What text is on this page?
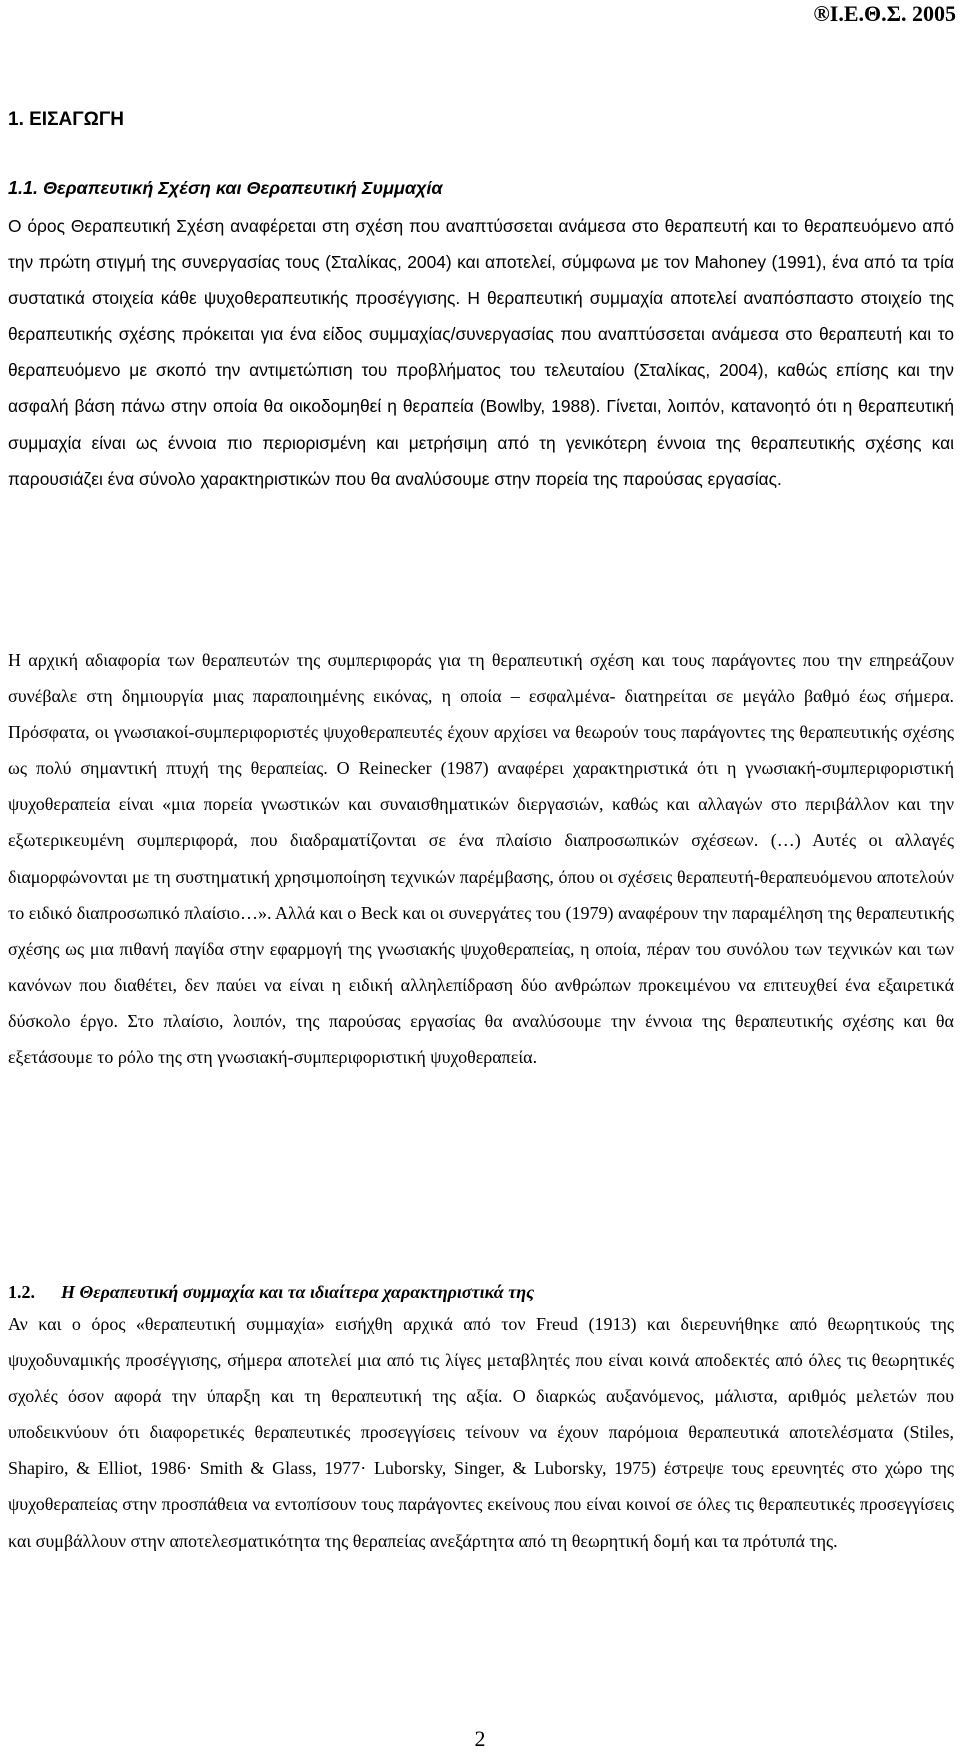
®Ι.Ε.Θ.Σ. 2005
1. ΕΙΣΑΓΩΓΗ
1.1. Θεραπευτική Σχέση και Θεραπευτική Συμμαχία

Ο όρος Θεραπευτική Σχέση αναφέρεται στη σχέση που αναπτύσσεται ανάμεσα στο θεραπευτή και το θεραπευόμενο από την πρώτη στιγμή της συνεργασίας τους (Σταλίκας, 2004) και αποτελεί, σύμφωνα με τον Mahoney (1991), ένα από τα τρία συστατικά στοιχεία κάθε ψυχοθεραπευτικής προσέγγισης. Η θεραπευτική συμμαχία αποτελεί αναπόσπαστο στοιχείο της θεραπευτικής σχέσης πρόκειται για ένα είδος συμμαχίας/συνεργασίας που αναπτύσσεται ανάμεσα στο θεραπευτή και το θεραπευόμενο με σκοπό την αντιμετώπιση του προβλήματος του τελευταίου (Σταλίκας, 2004), καθώς επίσης και την ασφαλή βάση πάνω στην οποία θα οικοδομηθεί η θεραπεία (Bowlby, 1988). Γίνεται, λοιπόν, κατανοητό ότι η θεραπευτική συμμαχία είναι ως έννοια πιο περιορισμένη και μετρήσιμη από τη γενικότερη έννοια της θεραπευτικής σχέσης και παρουσιάζει ένα σύνολο χαρακτηριστικών που θα αναλύσουμε στην πορεία της παρούσας εργασίας.

Η αρχική αδιαφορία των θεραπευτών της συμπεριφοράς για τη θεραπευτική σχέση και τους παράγοντες που την επηρεάζουν συνέβαλε στη δημιουργία μιας παραποιημένης εικόνας, η οποία – εσφαλμένα- διατηρείται σε μεγάλο βαθμό έως σήμερα. Πρόσφατα, οι γνωσιακοί-συμπεριφοριστές ψυχοθεραπευτές έχουν αρχίσει να θεωρούν τους παράγοντες της θεραπευτικής σχέσης ως πολύ σημαντική πτυχή της θεραπείας. Ο Reinecker (1987) αναφέρει χαρακτηριστικά ότι η γνωσιακή-συμπεριφοριστική ψυχοθεραπεία είναι «μια πορεία γνωστικών και συναισθηματικών διεργασιών, καθώς και αλλαγών στο περιβάλλον και την εξωτερικευμένη συμπεριφορά, που διαδραματίζονται σε ένα πλαίσιο διαπροσωπικών σχέσεων. (…) Αυτές οι αλλαγές διαμορφώνονται με τη συστηματική χρησιμοποίηση τεχνικών παρέμβασης, όπου οι σχέσεις θεραπευτή-θεραπευόμενου αποτελούν το ειδικό διαπροσωπικό πλαίσιο…». Αλλά και ο Beck και οι συνεργάτες του (1979) αναφέρουν την παραμέληση της θεραπευτικής σχέσης ως μια πιθανή παγίδα στην εφαρμογή της γνωσιακής ψυχοθεραπείας, η οποία, πέραν του συνόλου των τεχνικών και των κανόνων που διαθέτει, δεν παύει να είναι η ειδική αλληλεπίδραση δύο ανθρώπων προκειμένου να επιτευχθεί ένα εξαιρετικά δύσκολο έργο. Στο πλαίσιο, λοιπόν, της παρούσας εργασίας θα αναλύσουμε την έννοια της θεραπευτικής σχέσης και θα εξετάσουμε το ρόλο της στη γνωσιακή-συμπεριφοριστική ψυχοθεραπεία.

1.2. Η Θεραπευτική συμμαχία και τα ιδιαίτερα χαρακτηριστικά της

Αν και ο όρος «θεραπευτική συμμαχία» εισήχθη αρχικά από τον Freud (1913) και διερευνήθηκε από θεωρητικούς της ψυχοδυναμικής προσέγγισης, σήμερα αποτελεί μια από τις λίγες μεταβλητές που είναι κοινά αποδεκτές από όλες τις θεωρητικές σχολές όσον αφορά την ύπαρξη και τη θεραπευτική της αξία. Ο διαρκώς αυξανόμενος, μάλιστα, αριθμός μελετών που υποδεικνύουν ότι διαφορετικές θεραπευτικές προσεγγίσεις τείνουν να έχουν παρόμοια θεραπευτικά αποτελέσματα (Stiles, Shapiro, & Elliot, 1986· Smith & Glass, 1977· Luborsky, Singer, & Luborsky, 1975) έστρεψε τους ερευνητές στο χώρο της ψυχοθεραπείας στην προσπάθεια να εντοπίσουν τους παράγοντες εκείνους που είναι κοινοί σε όλες τις θεραπευτικές προσεγγίσεις και συμβάλλουν στην αποτελεσματικότητα της θεραπείας ανεξάρτητα από τη θεωρητική δομή και τα πρότυπά της.

2
